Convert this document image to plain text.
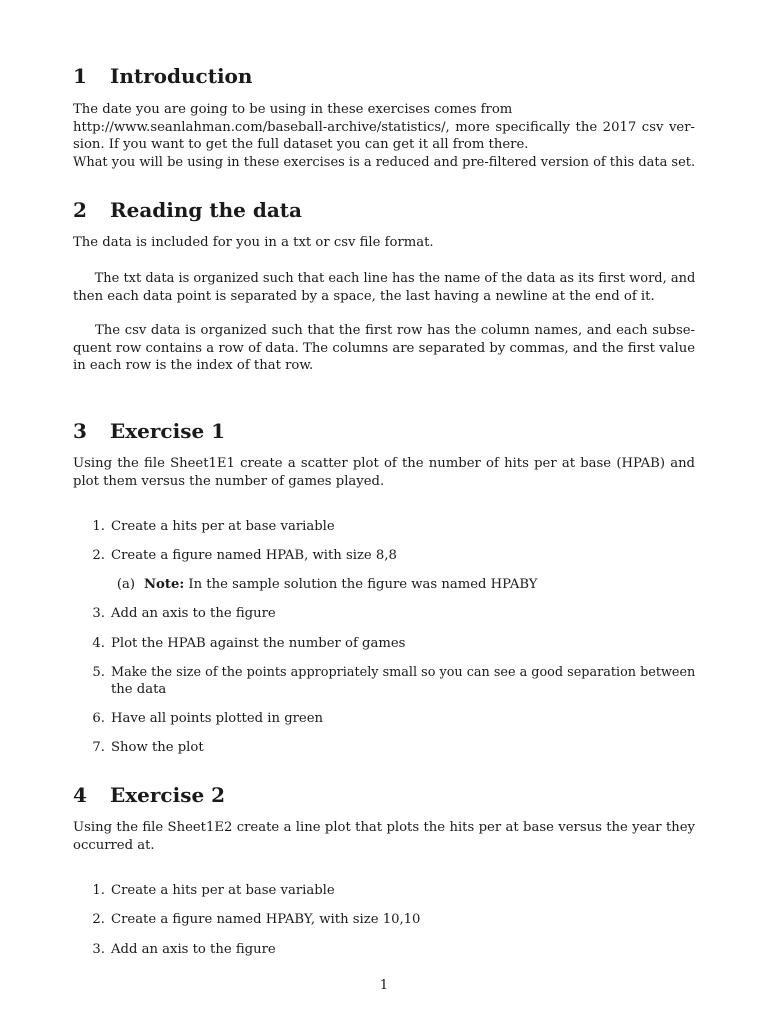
1 Introduction
The date you are going to be using in these exercises comes from
http://www.seanlahman.com/baseball-archive/statistics/, more specifically the 2017 csv ver-
sion. If you want to get the full dataset you can get it all from there.
What you will be using in these exercises is a reduced and pre-filtered version of this data set.
2 Reading the data
The data is included for you in a txt or csv file format.
The txt data is organized such that each line has the name of the data as its first word, and
then each data point is separated by a space, the last having a newline at the end of it.
The csv data is organized such that the first row has the column names, and each subse-
quent row contains a row of data. The columns are separated by commas, and the first value
in each row is the index of that row.
3 Exercise 1
Using the file Sheet1E1 create a scatter plot of the number of hits per at base (HPAB) and
plot them versus the number of games played.
1. Create a hits per at base variable
2. Create a figure named HPAB, with size 8,8
(a) Note: In the sample solution the figure was named HPABY
3. Add an axis to the figure
4. Plot the HPAB against the number of games
5. Make the size of the points appropriately small so you can see a good separation between
the data
6. Have all points plotted in green
7. Show the plot
4 Exercise 2
Using the file Sheet1E2 create a line plot that plots the hits per at base versus the year they
occurred at.
1. Create a hits per at base variable
2. Create a figure named HPABY, with size 10,10
3. Add an axis to the figure
1
